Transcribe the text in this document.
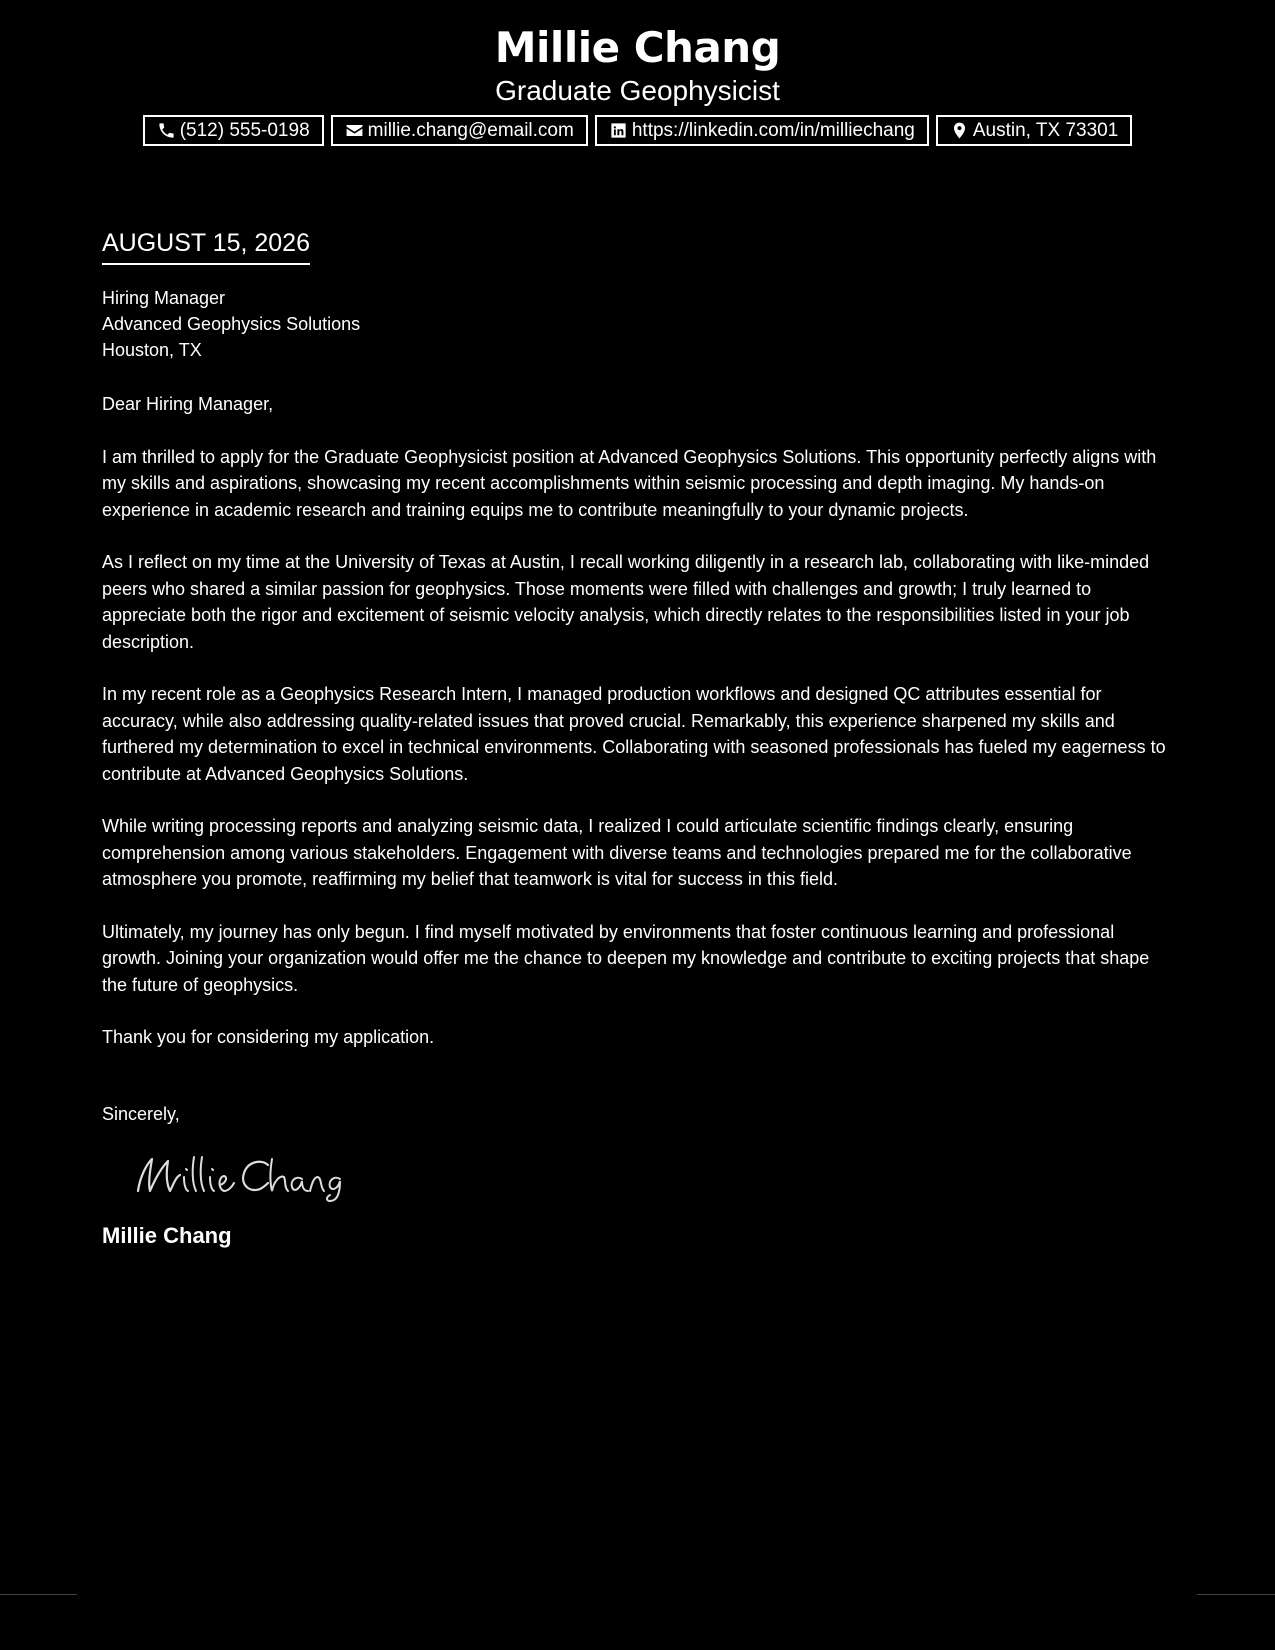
Millie Chang
Graduate Geophysicist
(512) 555-0198	millie.chang@email.com	https://linkedin.com/in/milliechang	Austin, TX 73301
AUGUST 15, 2026
Hiring Manager
Advanced Geophysics Solutions
Houston, TX
Dear Hiring Manager,
I am thrilled to apply for the Graduate Geophysicist position at Advanced Geophysics Solutions. This opportunity perfectly aligns with my skills and aspirations, showcasing my recent accomplishments within seismic processing and depth imaging. My hands-on experience in academic research and training equips me to contribute meaningfully to your dynamic projects.
As I reflect on my time at the University of Texas at Austin, I recall working diligently in a research lab, collaborating with like-minded peers who shared a similar passion for geophysics. Those moments were filled with challenges and growth; I truly learned to appreciate both the rigor and excitement of seismic velocity analysis, which directly relates to the responsibilities listed in your job description.
In my recent role as a Geophysics Research Intern, I managed production workflows and designed QC attributes essential for accuracy, while also addressing quality-related issues that proved crucial. Remarkably, this experience sharpened my skills and furthered my determination to excel in technical environments. Collaborating with seasoned professionals has fueled my eagerness to contribute at Advanced Geophysics Solutions.
While writing processing reports and analyzing seismic data, I realized I could articulate scientific findings clearly, ensuring comprehension among various stakeholders. Engagement with diverse teams and technologies prepared me for the collaborative atmosphere you promote, reaffirming my belief that teamwork is vital for success in this field.
Ultimately, my journey has only begun. I find myself motivated by environments that foster continuous learning and professional growth. Joining your organization would offer me the chance to deepen my knowledge and contribute to exciting projects that shape the future of geophysics.
Thank you for considering my application.
Sincerely,
Millie Chang
